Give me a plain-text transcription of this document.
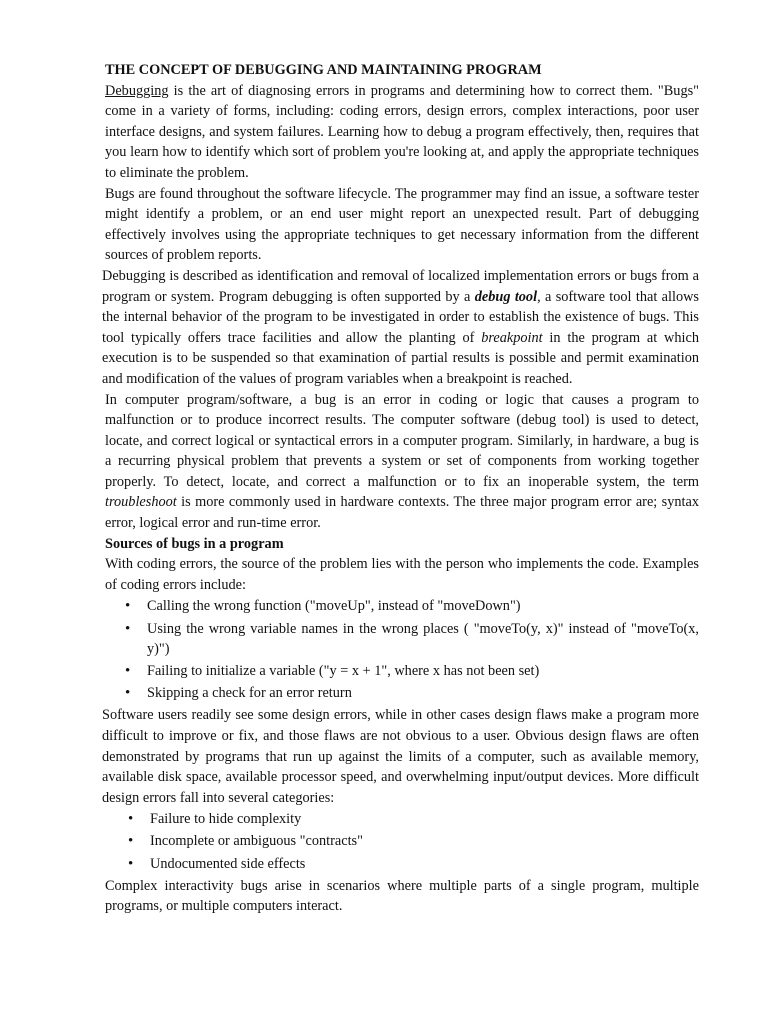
THE CONCEPT OF DEBUGGING AND MAINTAINING PROGRAM

Debugging is the art of diagnosing errors in programs and determining how to correct them. "Bugs" come in a variety of forms, including: coding errors, design errors, complex interactions, poor user interface designs, and system failures. Learning how to debug a program effectively, then, requires that you learn how to identify which sort of problem you're looking at, and apply the appropriate techniques to eliminate the problem.

Bugs are found throughout the software lifecycle. The programmer may find an issue, a software tester might identify a problem, or an end user might report an unexpected result. Part of debugging effectively involves using the appropriate techniques to get necessary information from the different sources of problem reports.

Debugging is described as identification and removal of localized implementation errors or bugs from a program or system. Program debugging is often supported by a debug tool, a software tool that allows the internal behavior of the program to be investigated in order to establish the existence of bugs. This tool typically offers trace facilities and allow the planting of breakpoint in the program at which execution is to be suspended so that examination of partial results is possible and permit examination and modification of the values of program variables when a breakpoint is reached.

In computer program/software, a bug is an error in coding or logic that causes a program to malfunction or to produce incorrect results. The computer software (debug tool) is used to detect, locate, and correct logical or syntactical errors in a computer program. Similarly, in hardware, a bug is a recurring physical problem that prevents a system or set of components from working together properly. To detect, locate, and correct a malfunction or to fix an inoperable system, the term troubleshoot is more commonly used in hardware contexts. The three major program error are; syntax error, logical error and run-time error.

Sources of bugs in a program

With coding errors, the source of the problem lies with the person who implements the code. Examples of coding errors include:

• Calling the wrong function ("moveUp", instead of "moveDown")
• Using the wrong variable names in the wrong places ( "moveTo(y, x)" instead of "moveTo(x, y)")
• Failing to initialize a variable ("y = x + 1", where x has not been set)
• Skipping a check for an error return

Software users readily see some design errors, while in other cases design flaws make a program more difficult to improve or fix, and those flaws are not obvious to a user. Obvious design flaws are often demonstrated by programs that run up against the limits of a computer, such as available memory, available disk space, available processor speed, and overwhelming input/output devices. More difficult design errors fall into several categories:

• Failure to hide complexity
• Incomplete or ambiguous "contracts"
• Undocumented side effects

Complex interactivity bugs arise in scenarios where multiple parts of a single program, multiple programs, or multiple computers interact.
